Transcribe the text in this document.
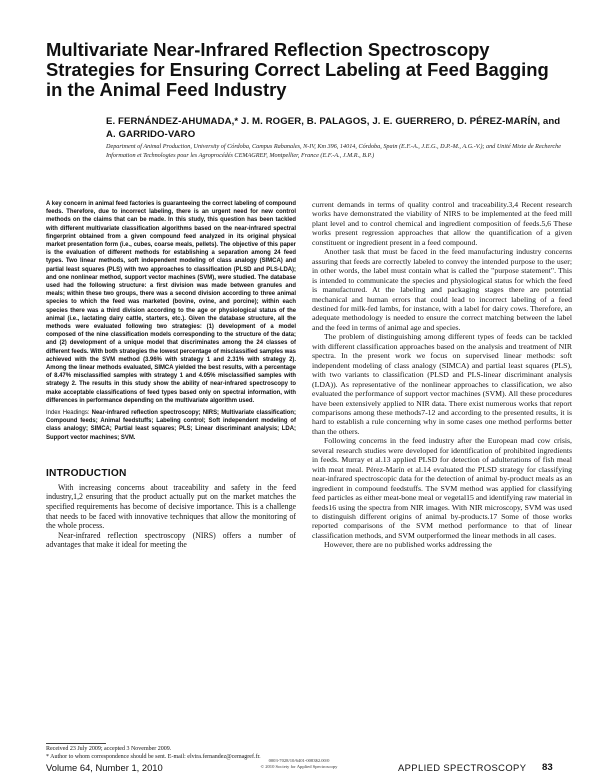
Multivariate Near-Infrared Reflection Spectroscopy Strategies for Ensuring Correct Labeling at Feed Bagging in the Animal Feed Industry

E. FERNÁNDEZ-AHUMADA,* J. M. ROGER, B. PALAGOS, J. E. GUERRERO, D. PÉREZ-MARÍN, and A. GARRIDO-VARO

Department of Animal Production, University of Córdoba, Campus Rabanales, N-IV, Km 396, 14014, Córdoba, Spain (E.F.-A., J.E.G., D.P.-M., A.G.-V.); and Unité Mixte de Recherche Information et Technologies pour les Agroprocédés CEMAGREF, Montpellier, France (E.F.-A., J.M.R., B.P.)

A key concern in animal feed factories is guaranteeing the correct labeling of compound feeds. Therefore, due to incorrect labeling, there is an urgent need for new control methods on the claims that can be made. In this study, this question has been tackled with different multivariate classification algorithms based on the near-infrared spectral fingerprint obtained from a given compound feed analyzed in its original physical market presentation form (i.e., cubes, coarse meals, pellets). The objective of this paper is the evaluation of different methods for establishing a separation among 24 feed types. Two linear methods, soft independent modeling of class analogy (SIMCA) and partial least squares (PLS) with two approaches to classification (PLSD and PLS-LDA); and one nonlinear method, support vector machines (SVM), were studied. The database used had the following structure: a first division was made between granules and meals; within these two groups, there was a second division according to three animal species to which the feed was marketed (bovine, ovine, and porcine); within each species there was a third division according to the age or physiological status of the animal (i.e., lactating dairy cattle, starters, etc.). Given the database structure, all the methods were evaluated following two strategies: (1) development of a model composed of the nine classification models corresponding to the structure of the data; and (2) development of a unique model that discriminates among the 24 classes of different feeds. With both strategies the lowest percentage of misclassified samples was achieved with the SVM method (3.96% with strategy 1 and 2.31% with strategy 2). Among the linear methods evaluated, SIMCA yielded the best results, with a percentage of 8.47% misclassified samples with strategy 1 and 4.05% misclassified samples with strategy 2. The results in this study show the ability of near-infrared spectroscopy to make acceptable classifications of feed types based only on spectral information, with differences in performance depending on the multivariate algorithm used.

Index Headings: Near-infrared reflection spectroscopy; NIRS; Multivariate classification; Compound feeds; Animal feedstuffs; Labeling control; Soft independent modeling of class analogy; SIMCA; Partial least squares; PLS; Linear discriminant analysis; LDA; Support vector machines; SVM.

INTRODUCTION

With increasing concerns about traceability and safety in the feed industry,1,2 ensuring that the product actually put on the market matches the specified requirements has become of decisive importance. This is a challenge that needs to be faced with innovative techniques that allow the monitoring of the whole process.

Near-infrared reflection spectroscopy (NIRS) offers a number of advantages that make it ideal for meeting the

current demands in terms of quality control and traceability.3,4 Recent research works have demonstrated the viability of NIRS to be implemented at the feed mill plant level and to control chemical and ingredient composition of feeds.5,6 These works present regression approaches that allow the quantification of a given constituent or ingredient present in a feed compound.

Another task that must be faced in the feed manufacturing industry concerns assuring that feeds are correctly labeled to convey the intended purpose to the user; in other words, the label must contain what is called the "purpose statement". This is intended to communicate the species and physiological status for which the feed is manufactured. At the labeling and packaging stages there are potential mechanical and human errors that could lead to incorrect labeling of a feed destined for milk-fed lambs, for instance, with a label for dairy cows. Therefore, an adequate methodology is needed to ensure the correct matching between the label and the feed in terms of animal age and species.

The problem of distinguishing among different types of feeds can be tackled with different classification approaches based on the analysis and treatment of NIR spectra. In the present work we focus on supervised linear methods: soft independent modeling of class analogy (SIMCA) and partial least squares (PLS), with two variants to classification (PLSD and PLS-linear discriminant analysis (LDA)). As representative of the nonlinear approaches to classification, we also evaluated the performance of support vector machines (SVM). All these procedures have been extensively applied to NIR data. There exist numerous works that report comparisons among these methods7-12 and according to the presented results, it is hard to establish a rule concerning why in some cases one method performs better than the others.

Following concerns in the feed industry after the European mad cow crisis, several research studies were developed for identification of prohibited ingredients in feeds. Murray et al.13 applied PLSD for detection of adulterations of fish meal with meat meal. Pérez-Marín et al.14 evaluated the PLSD strategy for classifying near-infrared spectroscopic data for the detection of animal by-product meals as an ingredient in compound feedstuffs. The SVM method was applied for classifying feed particles as either meat-bone meal or vegetal15 and identifying raw material in feeds16 using the spectra from NIR images. With NIR microscopy, SVM was used to distinguish different origins of animal by-products.17 Some of those works reported comparisons of the SVM method performance to that of linear classification methods, and SVM outperformed the linear methods in all cases.

However, there are no published works addressing the

Received 23 July 2009; accepted 3 November 2009.
* Author to whom correspondence should be sent. E-mail: elvira.fernandez@cemagref.fr.
Volume 64, Number 1, 2010
0003-7028/10/6401-0083$2.00/0
© 2010 Society for Applied Spectroscopy	APPLIED SPECTROSCOPY 83
